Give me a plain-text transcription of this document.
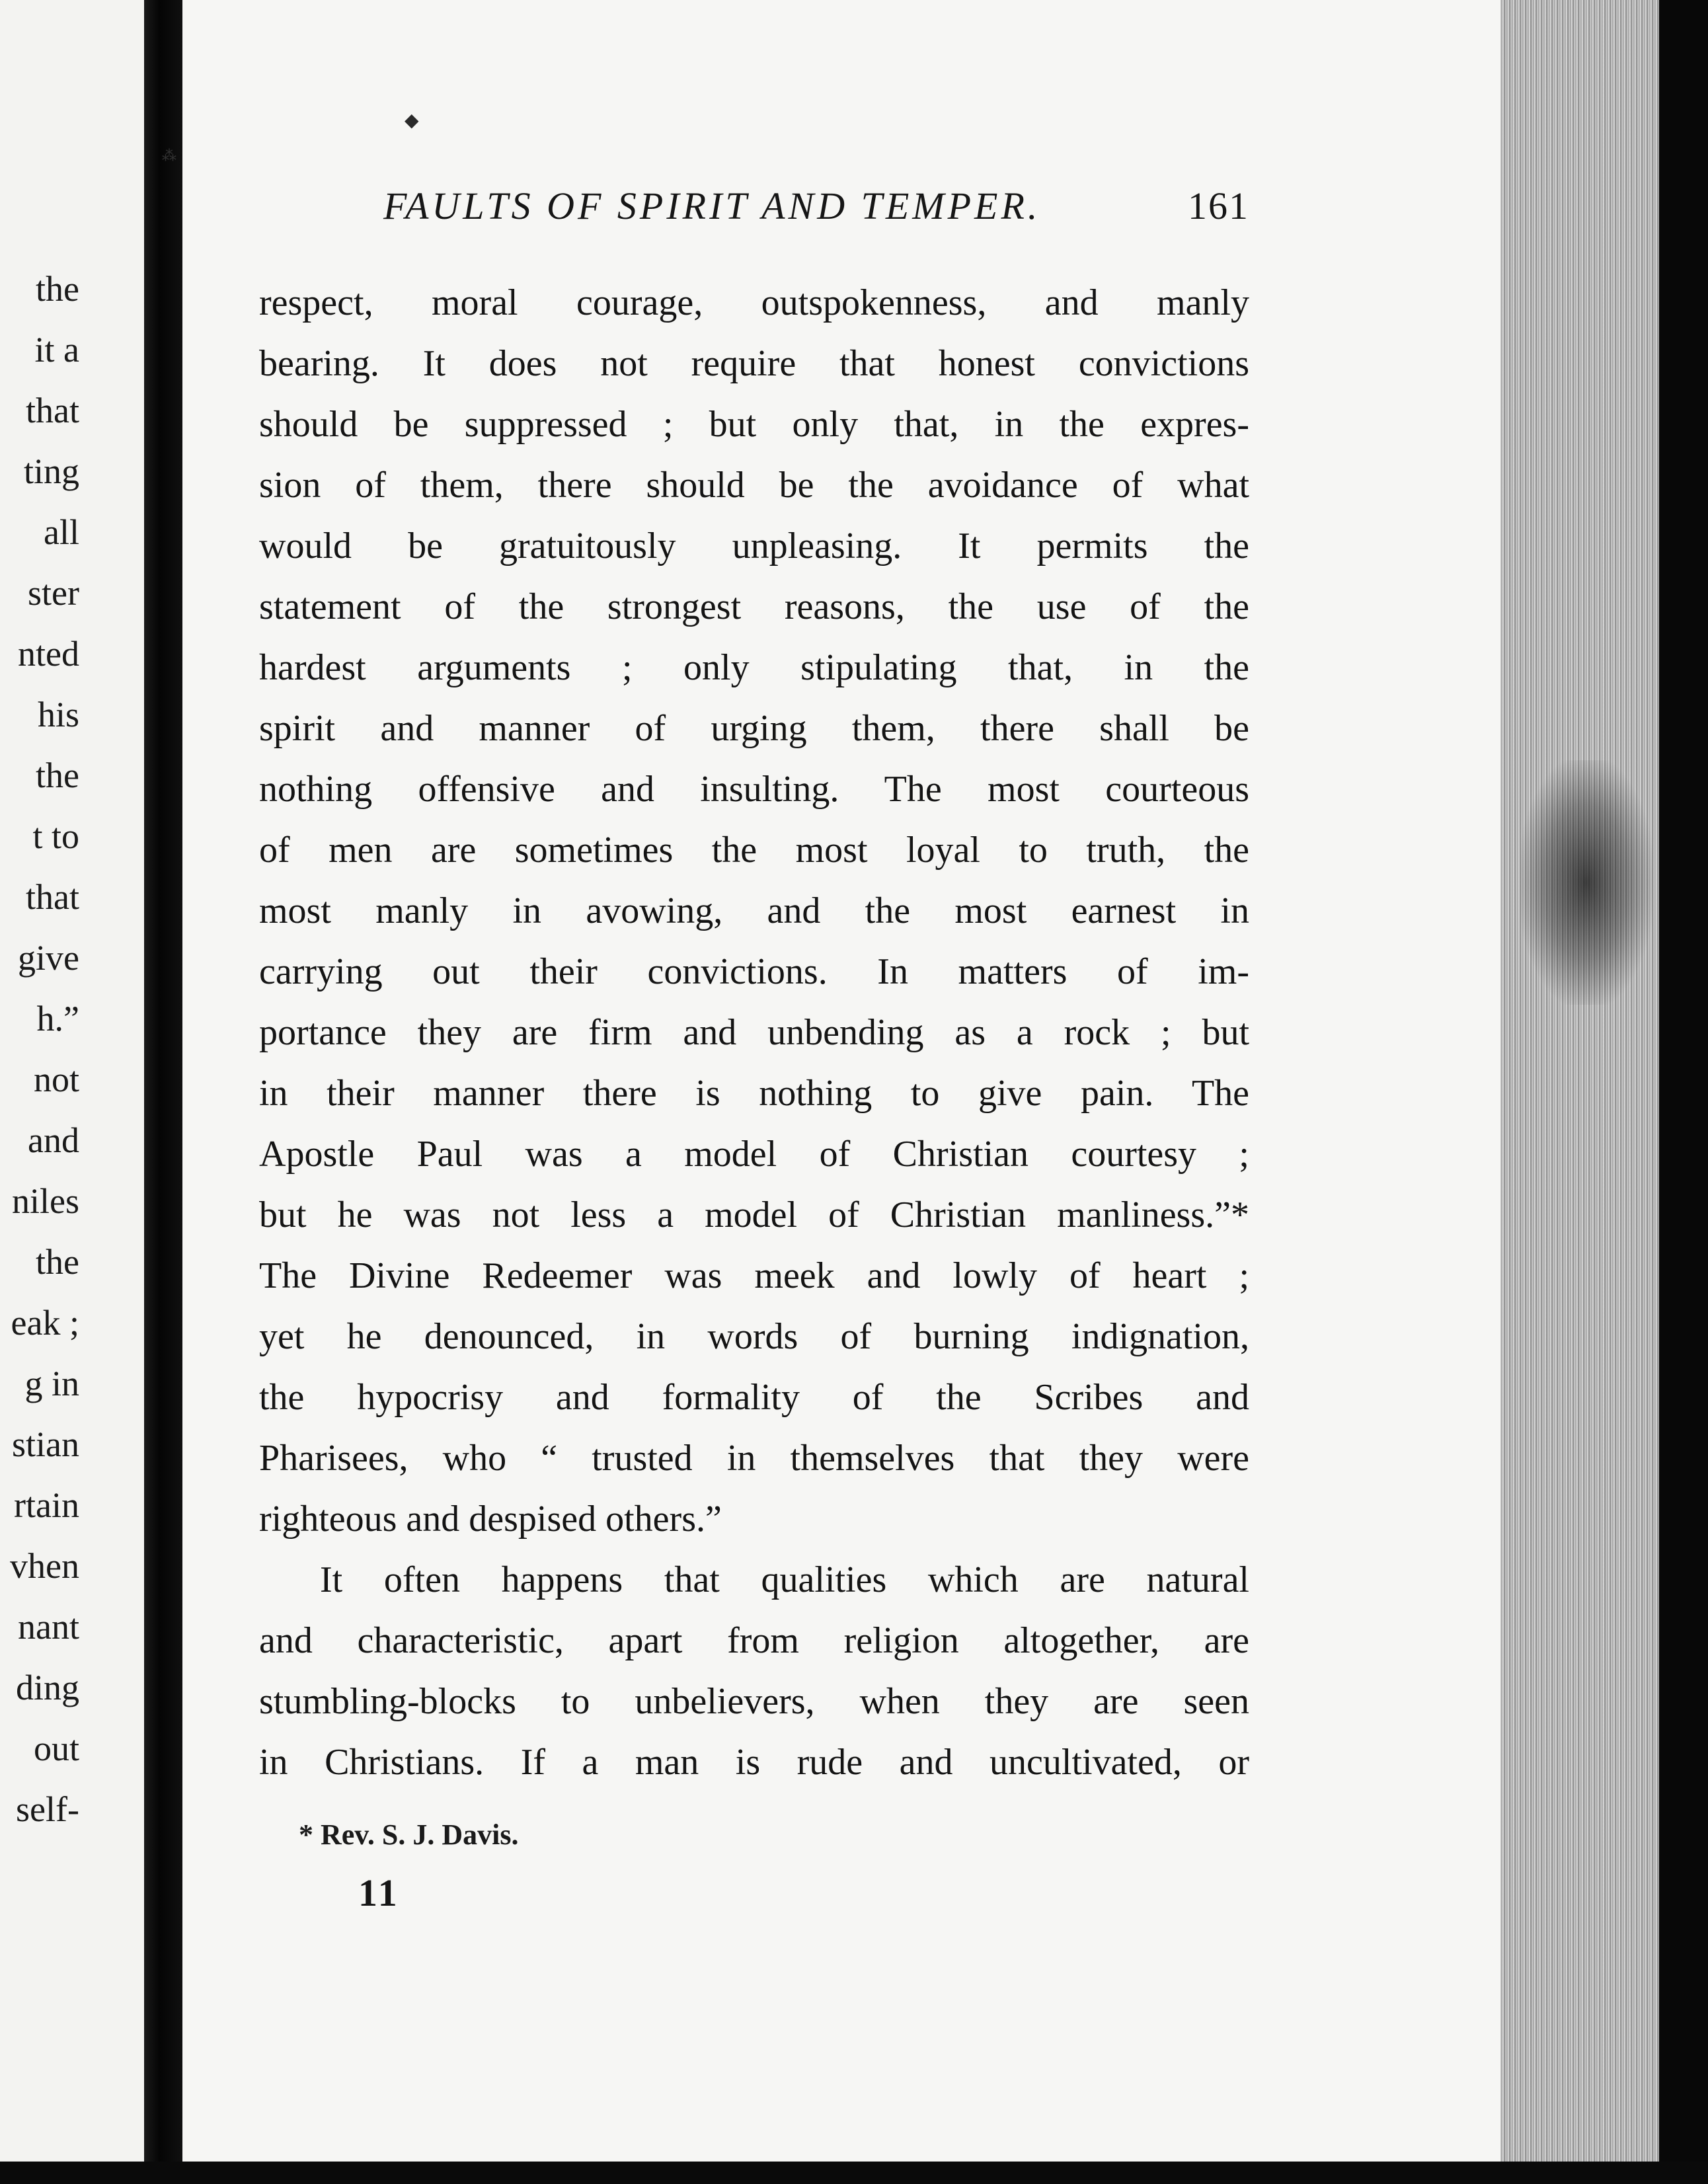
the
it a
that
ting
all
ster
nted
his
the
t to
that
give
h.”
not
and
niles
the
eak ;
g in
stian
rtain
vhen
nant
ding
out
self-
◆
⁂
FAULTS OF SPIRIT AND TEMPER.	161
respect, moral courage, outspokenness, and manly
bearing. It does not require that honest convictions
should be suppressed ; but only that, in the expres-
sion of them, there should be the avoidance of what
would be gratuitously unpleasing. It permits the
statement of the strongest reasons, the use of the
hardest arguments ; only stipulating that, in the
spirit and manner of urging them, there shall be
nothing offensive and insulting. The most courteous
of men are sometimes the most loyal to truth, the
most manly in avowing, and the most earnest in
carrying out their convictions. In matters of im-
portance they are firm and unbending as a rock ; but
in their manner there is nothing to give pain. The
Apostle Paul was a model of Christian courtesy ;
but he was not less a model of Christian manliness.”*
The Divine Redeemer was meek and lowly of heart ;
yet he denounced, in words of burning indignation,
the hypocrisy and formality of the Scribes and
Pharisees, who “ trusted in themselves that they were
righteous and despised others.”
It often happens that qualities which are natural
and characteristic, apart from religion altogether, are
stumbling-blocks to unbelievers, when they are seen
in Christians. If a man is rude and uncultivated, or
* Rev. S. J. Davis.
11
